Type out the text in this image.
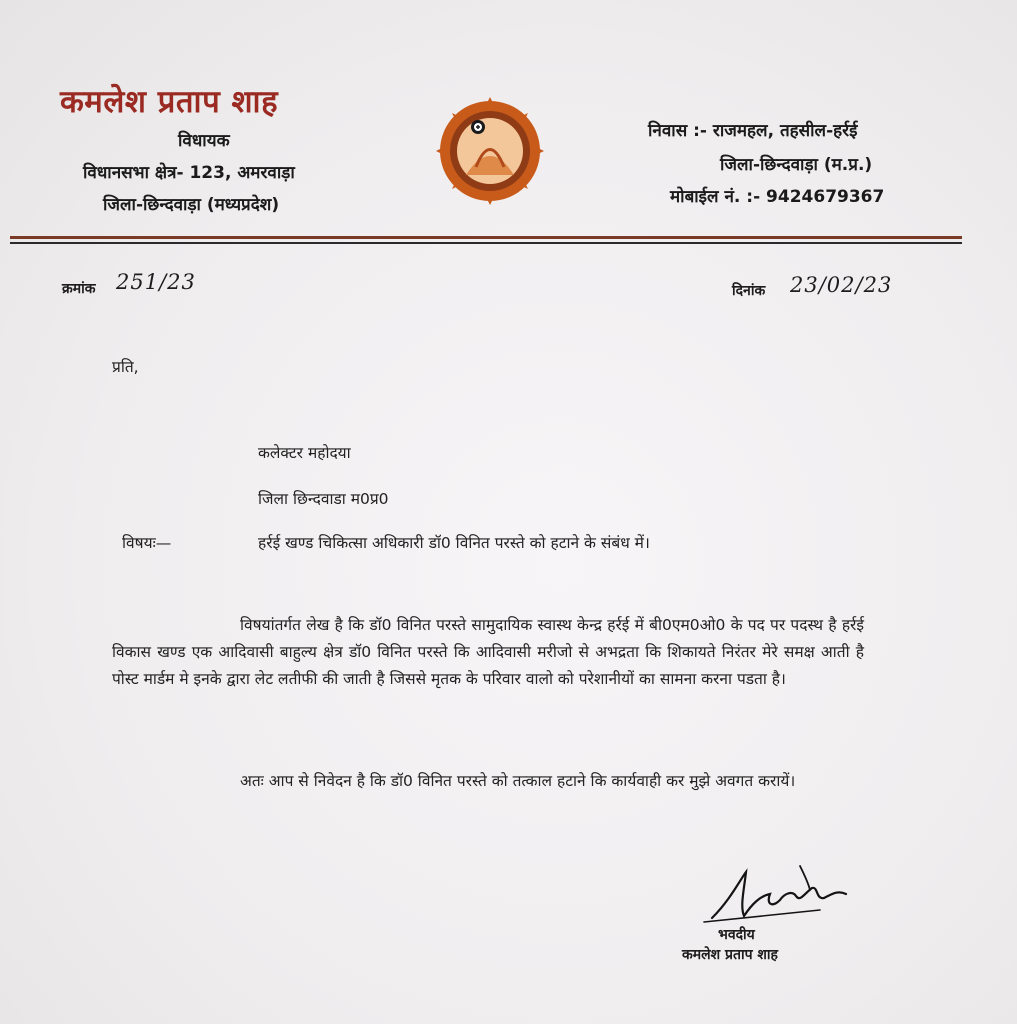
कमलेश प्रताप शाह
विधायक
विधानसभा क्षेत्र- 123, अमरवाड़ा
जिला-छिन्दवाड़ा (मध्यप्रदेश)
निवास :- राजमहल, तहसील-हर्रई
जिला-छिन्दवाड़ा (म.प्र.)
मोबाईल नं. :- 9424679367
क्रमांक 251/23	दिनांक 23/02/23
प्रति,
कलेक्टर महोदया
जिला छिन्दवाडा म0प्र0
विषयः—	हर्रई खण्ड चिकित्सा अधिकारी डॉ0 विनित परस्ते को हटाने के संबंध में।
विषयांतर्गत लेख है कि डॉ0 विनित परस्ते सामुदायिक स्वास्थ केन्द्र हर्रई में बी0एम0ओ0 के पद पर पदस्थ है हर्रई विकास खण्ड एक आदिवासी बाहुल्य क्षेत्र डॉ0 विनित परस्ते कि आदिवासी मरीजो से अभद्रता कि शिकायते निरंतर मेरे समक्ष आती है पोस्ट मार्डम मे इनके द्वारा लेट लतीफी की जाती है जिससे मृतक के परिवार वालो को परेशानीयों का सामना करना पडता है।
अतः आप से निवेदन है कि डॉ0 विनित परस्ते को तत्काल हटाने कि कार्यवाही कर मुझे अवगत करायें।
भवदीय
कमलेश प्रताप शाह
